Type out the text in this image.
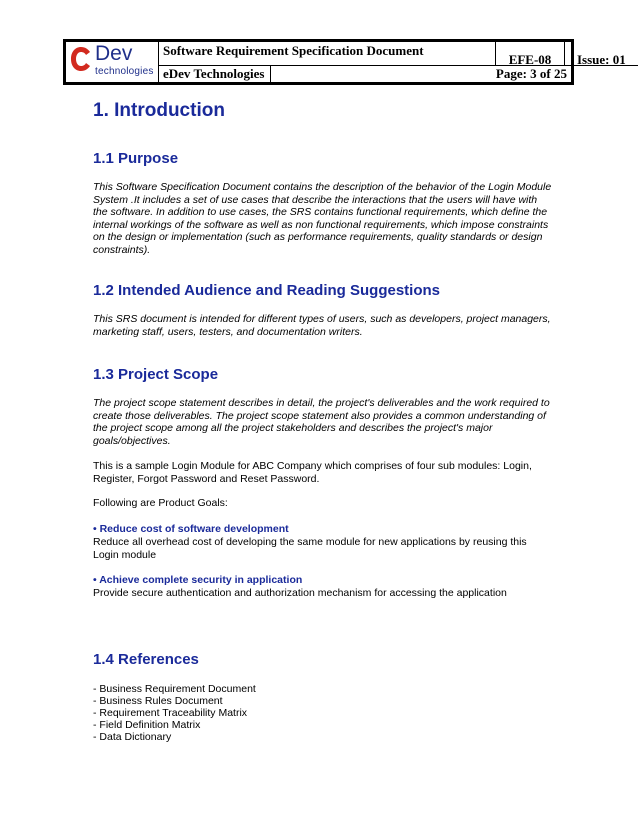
Dev
technologies
Software Requirement Specification Document
EFE-08	Issue: 01
eDev Technologies	Page: 3 of 25
1. Introduction
1.1 Purpose

This Software Specification Document contains the description of the behavior of the Login Module System .It includes a set of use cases that describe the interactions that the users will have with the software. In addition to use cases, the SRS contains functional requirements, which define the internal workings of the software as well as non functional requirements, which impose constraints on the design or implementation (such as performance requirements, quality standards or design constraints).

1.2 Intended Audience and Reading Suggestions

This SRS document is intended for different types of users, such as developers, project managers, marketing staff, users, testers, and documentation writers.

1.3 Project Scope

The project scope statement describes in detail, the project's deliverables and the work required to create those deliverables. The project scope statement also provides a common understanding of the project scope among all the project stakeholders and describes the project's major goals/objectives.

This is a sample Login Module for ABC Company which comprises of four sub modules: Login, Register, Forgot Password and Reset Password.

Following are Product Goals:

• Reduce cost of software development

Reduce all overhead cost of developing the same module for new applications by reusing this Login module

• Achieve complete security in application

Provide secure authentication and authorization mechanism for accessing the application

1.4 References
- Business Requirement Document
- Business Rules Document
- Requirement Traceability Matrix
- Field Definition Matrix
- Data Dictionary
